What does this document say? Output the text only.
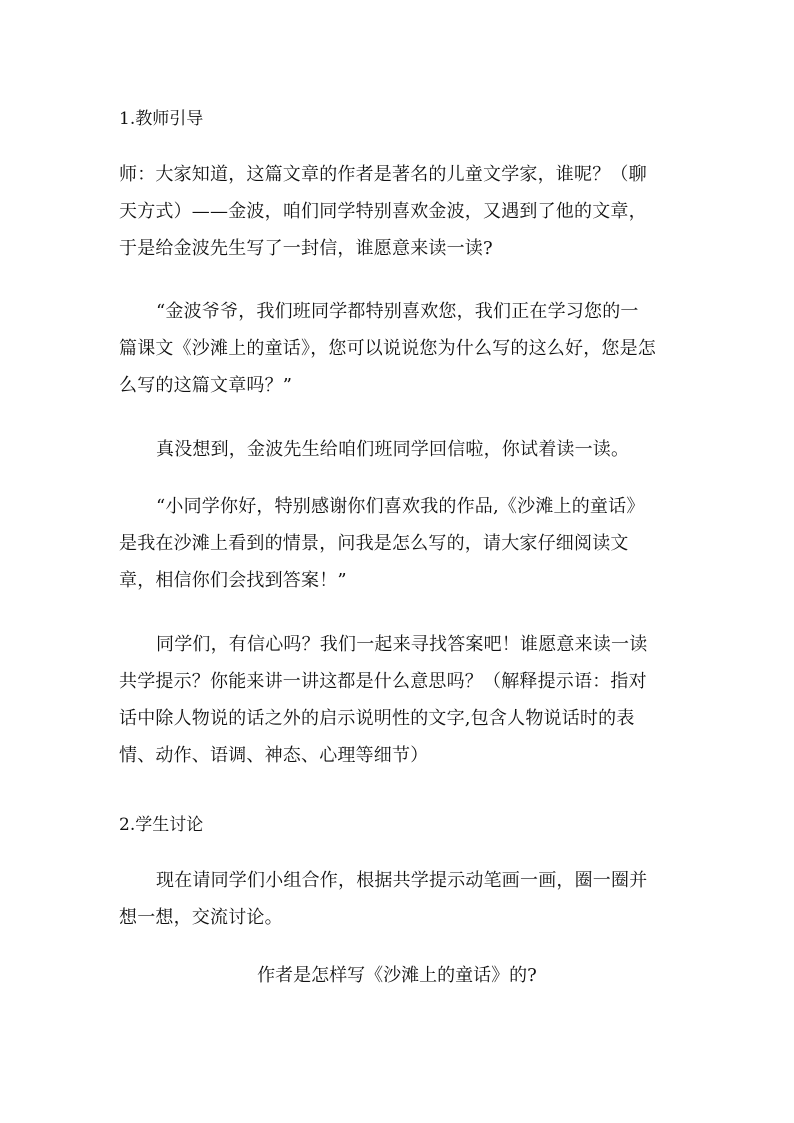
1.教师引导
师：大家知道，这篇文章的作者是著名的儿童文学家，谁呢？（聊
天方式）——金波，咱们同学特别喜欢金波，又遇到了他的文章，
于是给金波先生写了一封信，谁愿意来读一读?
“金波爷爷，我们班同学都特别喜欢您，我们正在学习您的一
篇课文《沙滩上的童话》，您可以说说您为什么写的这么好，您是怎
么写的这篇文章吗？”
真没想到，金波先生给咱们班同学回信啦，你试着读一读。
“小同学你好，特别感谢你们喜欢我的作品,《沙滩上的童话》
是我在沙滩上看到的情景，问我是怎么写的，请大家仔细阅读文
章，相信你们会找到答案！”
同学们，有信心吗？我们一起来寻找答案吧！谁愿意来读一读
共学提示？你能来讲一讲这都是什么意思吗？（解释提示语：指对
话中除人物说的话之外的启示说明性的文字,包含人物说话时的表
情、动作、语调、神态、心理等细节）
2.学生讨论
现在请同学们小组合作，根据共学提示动笔画一画，圈一圈并
想一想，交流讨论。
作者是怎样写《沙滩上的童话》的?
